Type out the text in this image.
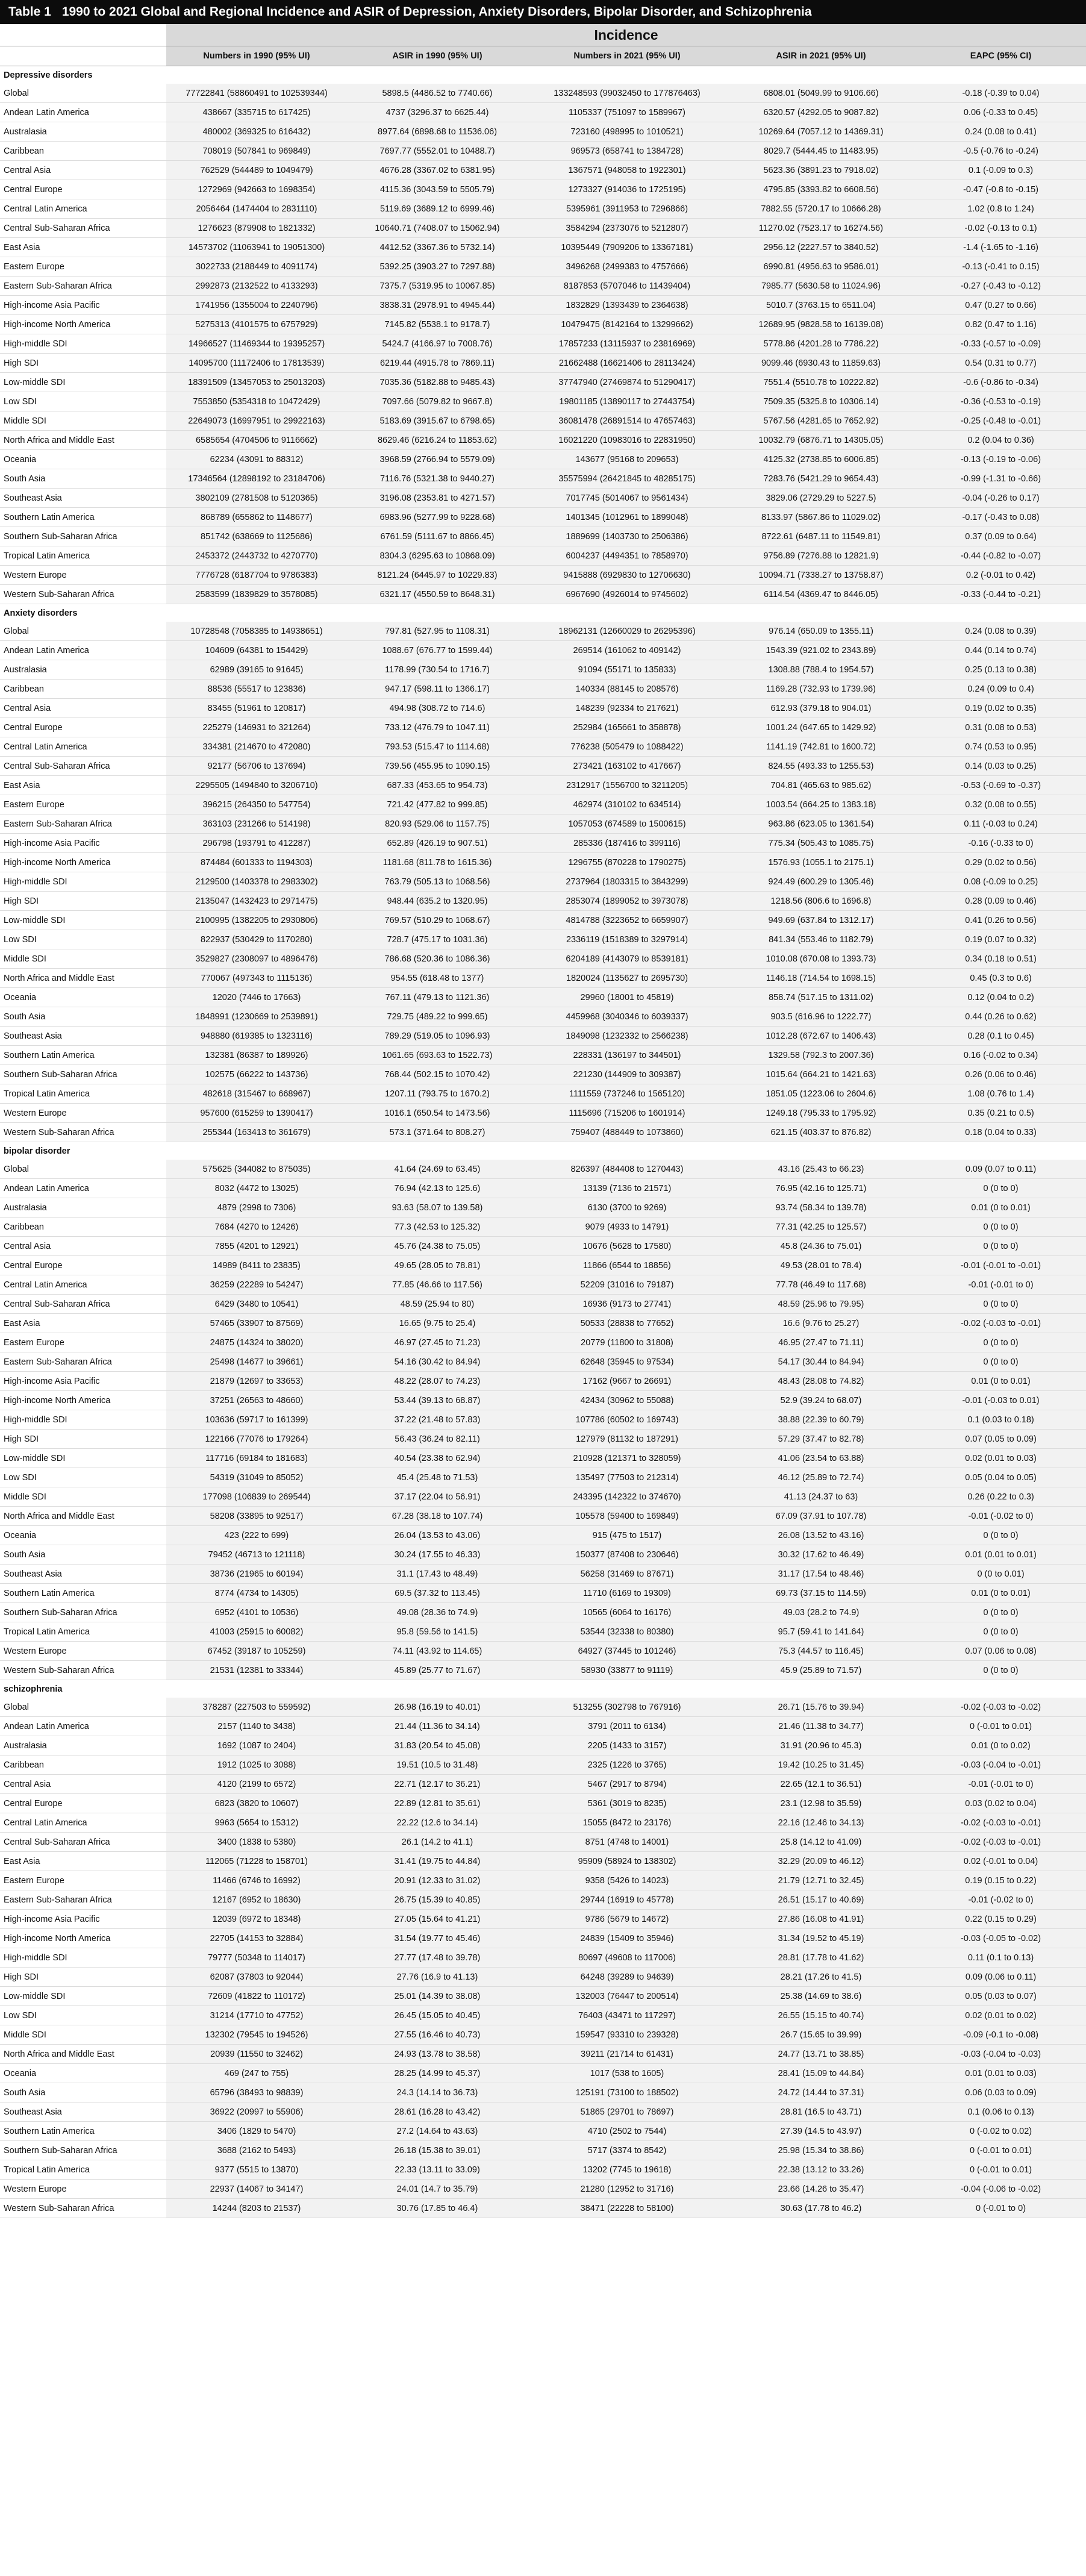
Table 1 1990 to 2021 Global and Regional Incidence and ASIR of Depression, Anxiety Disorders, Bipolar Disorder, and Schizophrenia
	Incidence				
	Numbers in 1990 (95% UI)	ASIR in 1990 (95% UI)	Numbers in 2021 (95% UI)	ASIR in 2021 (95% UI)	EAPC (95% CI)
Depressive disorders					
Global	77722841 (58860491 to 102539344)	5898.5 (4486.52 to 7740.66)	133248593 (99032450 to 177876463)	6808.01 (5049.99 to 9106.66)	-0.18 (-0.39 to 0.04)
Andean Latin America	438667 (335715 to 617425)	4737 (3296.37 to 6625.44)	1105337 (751097 to 1589967)	6320.57 (4292.05 to 9087.82)	0.06 (-0.33 to 0.45)
Australasia	480002 (369325 to 616432)	8977.64 (6898.68 to 11536.06)	723160 (498995 to 1010521)	10269.64 (7057.12 to 14369.31)	0.24 (0.08 to 0.41)
Caribbean	708019 (507841 to 969849)	7697.77 (5552.01 to 10488.7)	969573 (658741 to 1384728)	8029.7 (5444.45 to 11483.95)	-0.5 (-0.76 to -0.24)
Central Asia	762529 (544489 to 1049479)	4676.28 (3367.02 to 6381.95)	1367571 (948058 to 1922301)	5623.36 (3891.23 to 7918.02)	0.1 (-0.09 to 0.3)
Central Europe	1272969 (942663 to 1698354)	4115.36 (3043.59 to 5505.79)	1273327 (914036 to 1725195)	4795.85 (3393.82 to 6608.56)	-0.47 (-0.8 to -0.15)
Central Latin America	2056464 (1474404 to 2831110)	5119.69 (3689.12 to 6999.46)	5395961 (3911953 to 7296866)	7882.55 (5720.17 to 10666.28)	1.02 (0.8 to 1.24)
Central Sub-Saharan Africa	1276623 (879908 to 1821332)	10640.71 (7408.07 to 15062.94)	3584294 (2373076 to 5212807)	11270.02 (7523.17 to 16274.56)	-0.02 (-0.13 to 0.1)
East Asia	14573702 (11063941 to 19051300)	4412.52 (3367.36 to 5732.14)	10395449 (7909206 to 13367181)	2956.12 (2227.57 to 3840.52)	-1.4 (-1.65 to -1.16)
Eastern Europe	3022733 (2188449 to 4091174)	5392.25 (3903.27 to 7297.88)	3496268 (2499383 to 4757666)	6990.81 (4956.63 to 9586.01)	-0.13 (-0.41 to 0.15)
Eastern Sub-Saharan Africa	2992873 (2132522 to 4133293)	7375.7 (5319.95 to 10067.85)	8187853 (5707046 to 11439404)	7985.77 (5630.58 to 11024.96)	-0.27 (-0.43 to -0.12)
High-income Asia Pacific	1741956 (1355004 to 2240796)	3838.31 (2978.91 to 4945.44)	1832829 (1393439 to 2364638)	5010.7 (3763.15 to 6511.04)	0.47 (0.27 to 0.66)
High-income North America	5275313 (4101575 to 6757929)	7145.82 (5538.1 to 9178.7)	10479475 (8142164 to 13299662)	12689.95 (9828.58 to 16139.08)	0.82 (0.47 to 1.16)
High-middle SDI	14966527 (11469344 to 19395257)	5424.7 (4166.97 to 7008.76)	17857233 (13115937 to 23816969)	5778.86 (4201.28 to 7786.22)	-0.33 (-0.57 to -0.09)
High SDI	14095700 (11172406 to 17813539)	6219.44 (4915.78 to 7869.11)	21662488 (16621406 to 28113424)	9099.46 (6930.43 to 11859.63)	0.54 (0.31 to 0.77)
Low-middle SDI	18391509 (13457053 to 25013203)	7035.36 (5182.88 to 9485.43)	37747940 (27469874 to 51290417)	7551.4 (5510.78 to 10222.82)	-0.6 (-0.86 to -0.34)
Low SDI	7553850 (5354318 to 10472429)	7097.66 (5079.82 to 9667.8)	19801185 (13890117 to 27443754)	7509.35 (5325.8 to 10306.14)	-0.36 (-0.53 to -0.19)
Middle SDI	22649073 (16997951 to 29922163)	5183.69 (3915.67 to 6798.65)	36081478 (26891514 to 47657463)	5767.56 (4281.65 to 7652.92)	-0.25 (-0.48 to -0.01)
North Africa and Middle East	6585654 (4704506 to 9116662)	8629.46 (6216.24 to 11853.62)	16021220 (10983016 to 22831950)	10032.79 (6876.71 to 14305.05)	0.2 (0.04 to 0.36)
Oceania	62234 (43091 to 88312)	3968.59 (2766.94 to 5579.09)	143677 (95168 to 209653)	4125.32 (2738.85 to 6006.85)	-0.13 (-0.19 to -0.06)
South Asia	17346564 (12898192 to 23184706)	7116.76 (5321.38 to 9440.27)	35575994 (26421845 to 48285175)	7283.76 (5421.29 to 9654.43)	-0.99 (-1.31 to -0.66)
Southeast Asia	3802109 (2781508 to 5120365)	3196.08 (2353.81 to 4271.57)	7017745 (5014067 to 9561434)	3829.06 (2729.29 to 5227.5)	-0.04 (-0.26 to 0.17)
Southern Latin America	868789 (655862 to 1148677)	6983.96 (5277.99 to 9228.68)	1401345 (1012961 to 1899048)	8133.97 (5867.86 to 11029.02)	-0.17 (-0.43 to 0.08)
Southern Sub-Saharan Africa	851742 (638669 to 1125686)	6761.59 (5111.67 to 8866.45)	1889699 (1403730 to 2506386)	8722.61 (6487.11 to 11549.81)	0.37 (0.09 to 0.64)
Tropical Latin America	2453372 (2443732 to 4270770)	8304.3 (6295.63 to 10868.09)	6004237 (4494351 to 7858970)	9756.89 (7276.88 to 12821.9)	-0.44 (-0.82 to -0.07)
Western Europe	7776728 (6187704 to 9786383)	8121.24 (6445.97 to 10229.83)	9415888 (6929830 to 12706630)	10094.71 (7338.27 to 13758.87)	0.2 (-0.01 to 0.42)
Western Sub-Saharan Africa	2583599 (1839829 to 3578085)	6321.17 (4550.59 to 8648.31)	6967690 (4926014 to 9745602)	6114.54 (4369.47 to 8446.05)	-0.33 (-0.44 to -0.21)
Anxiety disorders					
Global	10728548 (7058385 to 14938651)	797.81 (527.95 to 1108.31)	18962131 (12660029 to 26295396)	976.14 (650.09 to 1355.11)	0.24 (0.08 to 0.39)
Andean Latin America	104609 (64381 to 154429)	1088.67 (676.77 to 1599.44)	269514 (161062 to 409142)	1543.39 (921.02 to 2343.89)	0.44 (0.14 to 0.74)
Australasia	62989 (39165 to 91645)	1178.99 (730.54 to 1716.7)	91094 (55171 to 135833)	1308.88 (788.4 to 1954.57)	0.25 (0.13 to 0.38)
Caribbean	88536 (55517 to 123836)	947.17 (598.11 to 1366.17)	140334 (88145 to 208576)	1169.28 (732.93 to 1739.96)	0.24 (0.09 to 0.4)
Central Asia	83455 (51961 to 120817)	494.98 (308.72 to 714.6)	148239 (92334 to 217621)	612.93 (379.18 to 904.01)	0.19 (0.02 to 0.35)
Central Europe	225279 (146931 to 321264)	733.12 (476.79 to 1047.11)	252984 (165661 to 358878)	1001.24 (647.65 to 1429.92)	0.31 (0.08 to 0.53)
Central Latin America	334381 (214670 to 472080)	793.53 (515.47 to 1114.68)	776238 (505479 to 1088422)	1141.19 (742.81 to 1600.72)	0.74 (0.53 to 0.95)
Central Sub-Saharan Africa	92177 (56706 to 137694)	739.56 (455.95 to 1090.15)	273421 (163102 to 417667)	824.55 (493.33 to 1255.53)	0.14 (0.03 to 0.25)
East Asia	2295505 (1494840 to 3206710)	687.33 (453.65 to 954.73)	2312917 (1556700 to 3211205)	704.81 (465.63 to 985.62)	-0.53 (-0.69 to -0.37)
Eastern Europe	396215 (264350 to 547754)	721.42 (477.82 to 999.85)	462974 (310102 to 634514)	1003.54 (664.25 to 1383.18)	0.32 (0.08 to 0.55)
Eastern Sub-Saharan Africa	363103 (231266 to 514198)	820.93 (529.06 to 1157.75)	1057053 (674589 to 1500615)	963.86 (623.05 to 1361.54)	0.11 (-0.03 to 0.24)
High-income Asia Pacific	296798 (193791 to 412287)	652.89 (426.19 to 907.51)	285336 (187416 to 399116)	775.34 (505.43 to 1085.75)	-0.16 (-0.33 to 0)
High-income North America	874484 (601333 to 1194303)	1181.68 (811.78 to 1615.36)	1296755 (870228 to 1790275)	1576.93 (1055.1 to 2175.1)	0.29 (0.02 to 0.56)
High-middle SDI	2129500 (1403378 to 2983302)	763.79 (505.13 to 1068.56)	2737964 (1803315 to 3843299)	924.49 (600.29 to 1305.46)	0.08 (-0.09 to 0.25)
High SDI	2135047 (1432423 to 2971475)	948.44 (635.2 to 1320.95)	2853074 (1899052 to 3973078)	1218.56 (806.6 to 1696.8)	0.28 (0.09 to 0.46)
Low-middle SDI	2100995 (1382205 to 2930806)	769.57 (510.29 to 1068.67)	4814788 (3223652 to 6659907)	949.69 (637.84 to 1312.17)	0.41 (0.26 to 0.56)
Low SDI	822937 (530429 to 1170280)	728.7 (475.17 to 1031.36)	2336119 (1518389 to 3297914)	841.34 (553.46 to 1182.79)	0.19 (0.07 to 0.32)
Middle SDI	3529827 (2308097 to 4896476)	786.68 (520.36 to 1086.36)	6204189 (4143079 to 8539181)	1010.08 (670.08 to 1393.73)	0.34 (0.18 to 0.51)
North Africa and Middle East	770067 (497343 to 1115136)	954.55 (618.48 to 1377)	1820024 (1135627 to 2695730)	1146.18 (714.54 to 1698.15)	0.45 (0.3 to 0.6)
Oceania	12020 (7446 to 17663)	767.11 (479.13 to 1121.36)	29960 (18001 to 45819)	858.74 (517.15 to 1311.02)	0.12 (0.04 to 0.2)
South Asia	1848991 (1230669 to 2539891)	729.75 (489.22 to 999.65)	4459968 (3040346 to 6039337)	903.5 (616.96 to 1222.77)	0.44 (0.26 to 0.62)
Southeast Asia	948880 (619385 to 1323116)	789.29 (519.05 to 1096.93)	1849098 (1232332 to 2566238)	1012.28 (672.67 to 1406.43)	0.28 (0.1 to 0.45)
Southern Latin America	132381 (86387 to 189926)	1061.65 (693.63 to 1522.73)	228331 (136197 to 344501)	1329.58 (792.3 to 2007.36)	0.16 (-0.02 to 0.34)
Southern Sub-Saharan Africa	102575 (66222 to 143736)	768.44 (502.15 to 1070.42)	221230 (144909 to 309387)	1015.64 (664.21 to 1421.63)	0.26 (0.06 to 0.46)
Tropical Latin America	482618 (315467 to 668967)	1207.11 (793.75 to 1670.2)	1111559 (737246 to 1565120)	1851.05 (1223.06 to 2604.6)	1.08 (0.76 to 1.4)
Western Europe	957600 (615259 to 1390417)	1016.1 (650.54 to 1473.56)	1115696 (715206 to 1601914)	1249.18 (795.33 to 1795.92)	0.35 (0.21 to 0.5)
Western Sub-Saharan Africa	255344 (163413 to 361679)	573.1 (371.64 to 808.27)	759407 (488449 to 1073860)	621.15 (403.37 to 876.82)	0.18 (0.04 to 0.33)
bipolar disorder					
Global	575625 (344082 to 875035)	41.64 (24.69 to 63.45)	826397 (484408 to 1270443)	43.16 (25.43 to 66.23)	0.09 (0.07 to 0.11)
Andean Latin America	8032 (4472 to 13025)	76.94 (42.13 to 125.6)	13139 (7136 to 21571)	76.95 (42.16 to 125.71)	0 (0 to 0)
Australasia	4879 (2998 to 7306)	93.63 (58.07 to 139.58)	6130 (3700 to 9269)	93.74 (58.34 to 139.78)	0.01 (0 to 0.01)
Caribbean	7684 (4270 to 12426)	77.3 (42.53 to 125.32)	9079 (4933 to 14791)	77.31 (42.25 to 125.57)	0 (0 to 0)
Central Asia	7855 (4201 to 12921)	45.76 (24.38 to 75.05)	10676 (5628 to 17580)	45.8 (24.36 to 75.01)	0 (0 to 0)
Central Europe	14989 (8411 to 23835)	49.65 (28.05 to 78.81)	11866 (6544 to 18856)	49.53 (28.01 to 78.4)	-0.01 (-0.01 to -0.01)
Central Latin America	36259 (22289 to 54247)	77.85 (46.66 to 117.56)	52209 (31016 to 79187)	77.78 (46.49 to 117.68)	-0.01 (-0.01 to 0)
Central Sub-Saharan Africa	6429 (3480 to 10541)	48.59 (25.94 to 80)	16936 (9173 to 27741)	48.59 (25.96 to 79.95)	0 (0 to 0)
East Asia	57465 (33907 to 87569)	16.65 (9.75 to 25.4)	50533 (28838 to 77652)	16.6 (9.76 to 25.27)	-0.02 (-0.03 to -0.01)
Eastern Europe	24875 (14324 to 38020)	46.97 (27.45 to 71.23)	20779 (11800 to 31808)	46.95 (27.47 to 71.11)	0 (0 to 0)
Eastern Sub-Saharan Africa	25498 (14677 to 39661)	54.16 (30.42 to 84.94)	62648 (35945 to 97534)	54.17 (30.44 to 84.94)	0 (0 to 0)
High-income Asia Pacific	21879 (12697 to 33653)	48.22 (28.07 to 74.23)	17162 (9667 to 26691)	48.43 (28.08 to 74.82)	0.01 (0 to 0.01)
High-income North America	37251 (26563 to 48660)	53.44 (39.13 to 68.87)	42434 (30962 to 55088)	52.9 (39.24 to 68.07)	-0.01 (-0.03 to 0.01)
High-middle SDI	103636 (59717 to 161399)	37.22 (21.48 to 57.83)	107786 (60502 to 169743)	38.88 (22.39 to 60.79)	0.1 (0.03 to 0.18)
High SDI	122166 (77076 to 179264)	56.43 (36.24 to 82.11)	127979 (81132 to 187291)	57.29 (37.47 to 82.78)	0.07 (0.05 to 0.09)
Low-middle SDI	117716 (69184 to 181683)	40.54 (23.38 to 62.94)	210928 (121371 to 328059)	41.06 (23.54 to 63.88)	0.02 (0.01 to 0.03)
Low SDI	54319 (31049 to 85052)	45.4 (25.48 to 71.53)	135497 (77503 to 212314)	46.12 (25.89 to 72.74)	0.05 (0.04 to 0.05)
Middle SDI	177098 (106839 to 269544)	37.17 (22.04 to 56.91)	243395 (142322 to 374670)	41.13 (24.37 to 63)	0.26 (0.22 to 0.3)
North Africa and Middle East	58208 (33895 to 92517)	67.28 (38.18 to 107.74)	105578 (59400 to 169849)	67.09 (37.91 to 107.78)	-0.01 (-0.02 to 0)
Oceania	423 (222 to 699)	26.04 (13.53 to 43.06)	915 (475 to 1517)	26.08 (13.52 to 43.16)	0 (0 to 0)
South Asia	79452 (46713 to 121118)	30.24 (17.55 to 46.33)	150377 (87408 to 230646)	30.32 (17.62 to 46.49)	0.01 (0.01 to 0.01)
Southeast Asia	38736 (21965 to 60194)	31.1 (17.43 to 48.49)	56258 (31469 to 87671)	31.17 (17.54 to 48.46)	0 (0 to 0.01)
Southern Latin America	8774 (4734 to 14305)	69.5 (37.32 to 113.45)	11710 (6169 to 19309)	69.73 (37.15 to 114.59)	0.01 (0 to 0.01)
Southern Sub-Saharan Africa	6952 (4101 to 10536)	49.08 (28.36 to 74.9)	10565 (6064 to 16176)	49.03 (28.2 to 74.9)	0 (0 to 0)
Tropical Latin America	41003 (25915 to 60082)	95.8 (59.56 to 141.5)	53544 (32338 to 80380)	95.7 (59.41 to 141.64)	0 (0 to 0)
Western Europe	67452 (39187 to 105259)	74.11 (43.92 to 114.65)	64927 (37445 to 101246)	75.3 (44.57 to 116.45)	0.07 (0.06 to 0.08)
Western Sub-Saharan Africa	21531 (12381 to 33344)	45.89 (25.77 to 71.67)	58930 (33877 to 91119)	45.9 (25.89 to 71.57)	0 (0 to 0)
schizophrenia					
Global	378287 (227503 to 559592)	26.98 (16.19 to 40.01)	513255 (302798 to 767916)	26.71 (15.76 to 39.94)	-0.02 (-0.03 to -0.02)
Andean Latin America	2157 (1140 to 3438)	21.44 (11.36 to 34.14)	3791 (2011 to 6134)	21.46 (11.38 to 34.77)	0 (-0.01 to 0.01)
Australasia	1692 (1087 to 2404)	31.83 (20.54 to 45.08)	2205 (1433 to 3157)	31.91 (20.96 to 45.3)	0.01 (0 to 0.02)
Caribbean	1912 (1025 to 3088)	19.51 (10.5 to 31.48)	2325 (1226 to 3765)	19.42 (10.25 to 31.45)	-0.03 (-0.04 to -0.01)
Central Asia	4120 (2199 to 6572)	22.71 (12.17 to 36.21)	5467 (2917 to 8794)	22.65 (12.1 to 36.51)	-0.01 (-0.01 to 0)
Central Europe	6823 (3820 to 10607)	22.89 (12.81 to 35.61)	5361 (3019 to 8235)	23.1 (12.98 to 35.59)	0.03 (0.02 to 0.04)
Central Latin America	9963 (5654 to 15312)	22.22 (12.6 to 34.14)	15055 (8472 to 23176)	22.16 (12.46 to 34.13)	-0.02 (-0.03 to -0.01)
Central Sub-Saharan Africa	3400 (1838 to 5380)	26.1 (14.2 to 41.1)	8751 (4748 to 14001)	25.8 (14.12 to 41.09)	-0.02 (-0.03 to -0.01)
East Asia	112065 (71228 to 158701)	31.41 (19.75 to 44.84)	95909 (58924 to 138302)	32.29 (20.09 to 46.12)	0.02 (-0.01 to 0.04)
Eastern Europe	11466 (6746 to 16992)	20.91 (12.33 to 31.02)	9358 (5426 to 14023)	21.79 (12.71 to 32.45)	0.19 (0.15 to 0.22)
Eastern Sub-Saharan Africa	12167 (6952 to 18630)	26.75 (15.39 to 40.85)	29744 (16919 to 45778)	26.51 (15.17 to 40.69)	-0.01 (-0.02 to 0)
High-income Asia Pacific	12039 (6972 to 18348)	27.05 (15.64 to 41.21)	9786 (5679 to 14672)	27.86 (16.08 to 41.91)	0.22 (0.15 to 0.29)
High-income North America	22705 (14153 to 32884)	31.54 (19.77 to 45.46)	24839 (15409 to 35946)	31.34 (19.52 to 45.19)	-0.03 (-0.05 to -0.02)
High-middle SDI	79777 (50348 to 114017)	27.77 (17.48 to 39.78)	80697 (49608 to 117006)	28.81 (17.78 to 41.62)	0.11 (0.1 to 0.13)
High SDI	62087 (37803 to 92044)	27.76 (16.9 to 41.13)	64248 (39289 to 94639)	28.21 (17.26 to 41.5)	0.09 (0.06 to 0.11)
Low-middle SDI	72609 (41822 to 110172)	25.01 (14.39 to 38.08)	132003 (76447 to 200514)	25.38 (14.69 to 38.6)	0.05 (0.03 to 0.07)
Low SDI	31214 (17710 to 47752)	26.45 (15.05 to 40.45)	76403 (43471 to 117297)	26.55 (15.15 to 40.74)	0.02 (0.01 to 0.02)
Middle SDI	132302 (79545 to 194526)	27.55 (16.46 to 40.73)	159547 (93310 to 239328)	26.7 (15.65 to 39.99)	-0.09 (-0.1 to -0.08)
North Africa and Middle East	20939 (11550 to 32462)	24.93 (13.78 to 38.58)	39211 (21714 to 61431)	24.77 (13.71 to 38.85)	-0.03 (-0.04 to -0.03)
Oceania	469 (247 to 755)	28.25 (14.99 to 45.37)	1017 (538 to 1605)	28.41 (15.09 to 44.84)	0.01 (0.01 to 0.03)
South Asia	65796 (38493 to 98839)	24.3 (14.14 to 36.73)	125191 (73100 to 188502)	24.72 (14.44 to 37.31)	0.06 (0.03 to 0.09)
Southeast Asia	36922 (20997 to 55906)	28.61 (16.28 to 43.42)	51865 (29701 to 78697)	28.81 (16.5 to 43.71)	0.1 (0.06 to 0.13)
Southern Latin America	3406 (1829 to 5470)	27.2 (14.64 to 43.63)	4710 (2502 to 7544)	27.39 (14.5 to 43.97)	0 (-0.02 to 0.02)
Southern Sub-Saharan Africa	3688 (2162 to 5493)	26.18 (15.38 to 39.01)	5717 (3374 to 8542)	25.98 (15.34 to 38.86)	0 (-0.01 to 0.01)
Tropical Latin America	9377 (5515 to 13870)	22.33 (13.11 to 33.09)	13202 (7745 to 19618)	22.38 (13.12 to 33.26)	0 (-0.01 to 0.01)
Western Europe	22937 (14067 to 34147)	24.01 (14.7 to 35.79)	21280 (12952 to 31716)	23.66 (14.26 to 35.47)	-0.04 (-0.06 to -0.02)
Western Sub-Saharan Africa	14244 (8203 to 21537)	30.76 (17.85 to 46.4)	38471 (22228 to 58100)	30.63 (17.78 to 46.2)	0 (-0.01 to 0)
